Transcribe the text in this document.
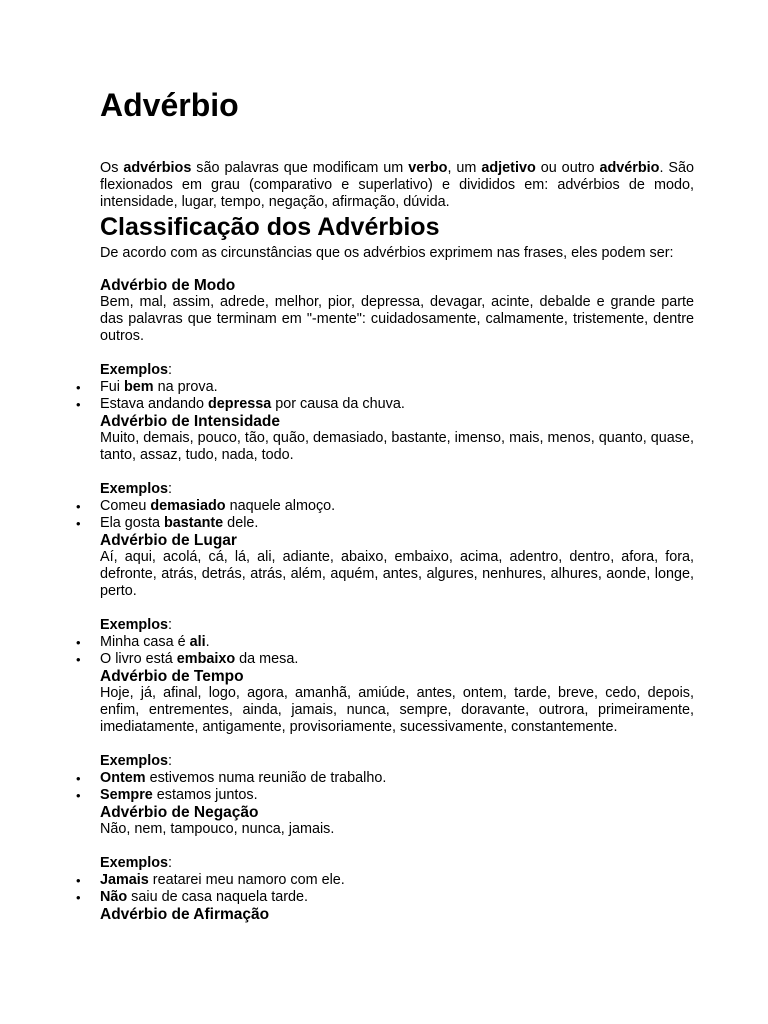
Advérbio

Os advérbios são palavras que modificam um verbo, um adjetivo ou outro advérbio. São flexionados em grau (comparativo e superlativo) e divididos em: advérbios de modo, intensidade, lugar, tempo, negação, afirmação, dúvida.

Classificação dos Advérbios

De acordo com as circunstâncias que os advérbios exprimem nas frases, eles podem ser:

Advérbio de Modo

Bem, mal, assim, adrede, melhor, pior, depressa, devagar, acinte, debalde e grande parte das palavras que terminam em "-mente": cuidadosamente, calmamente, tristemente, dentre outros.

Exemplos:
• Fui bem na prova.
• Estava andando depressa por causa da chuva.
Advérbio de Intensidade

Muito, demais, pouco, tão, quão, demasiado, bastante, imenso, mais, menos, quanto, quase, tanto, assaz, tudo, nada, todo.

Exemplos:
• Comeu demasiado naquele almoço.
• Ela gosta bastante dele.
Advérbio de Lugar

Aí, aqui, acolá, cá, lá, ali, adiante, abaixo, embaixo, acima, adentro, dentro, afora, fora, defronte, atrás, detrás, atrás, além, aquém, antes, algures, nenhures, alhures, aonde, longe, perto.

Exemplos:
• Minha casa é ali.
• O livro está embaixo da mesa.
Advérbio de Tempo

Hoje, já, afinal, logo, agora, amanhã, amiúde, antes, ontem, tarde, breve, cedo, depois, enfim, entrementes, ainda, jamais, nunca, sempre, doravante, outrora, primeiramente, imediatamente, antigamente, provisoriamente, sucessivamente, constantemente.

Exemplos:
• Ontem estivemos numa reunião de trabalho.
• Sempre estamos juntos.
Advérbio de Negação

Não, nem, tampouco, nunca, jamais.

Exemplos:
• Jamais reatarei meu namoro com ele.
• Não saiu de casa naquela tarde.
Advérbio de Afirmação
